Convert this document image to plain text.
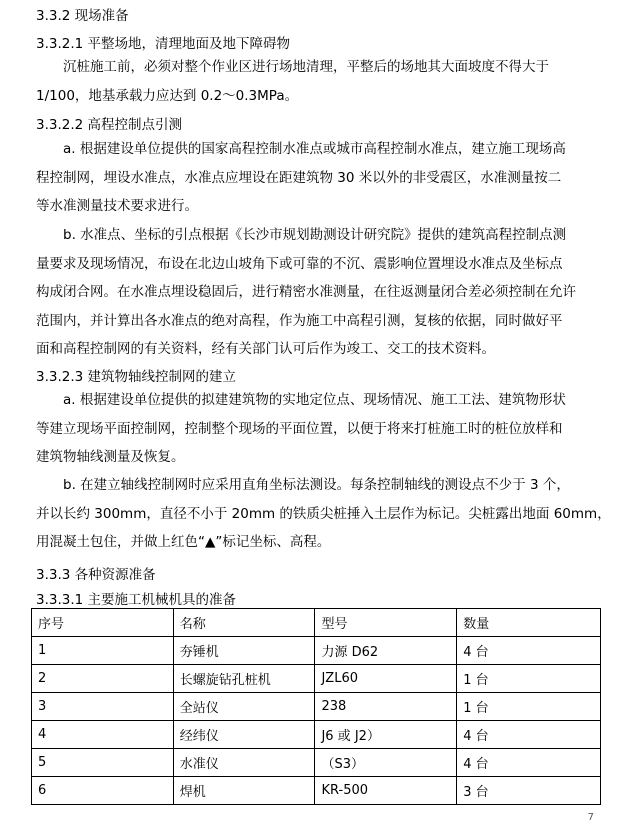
3.3.2 现场准备
3.3.2.1 平整场地，清理地面及地下障碍物
沉桩施工前，必须对整个作业区进行场地清理，平整后的场地其大面坡度不得大于
1/100，地基承载力应达到 0.2～0.3MPa。
3.3.2.2 高程控制点引测
a. 根据建设单位提供的国家高程控制水准点或城市高程控制水准点，建立施工现场高
程控制网，埋设水准点，水准点应埋设在距建筑物 30 米以外的非受震区，水准测量按二
等水准测量技术要求进行。
b. 水准点、坐标的引点根据《长沙市规划勘测设计研究院》提供的建筑高程控制点测
量要求及现场情况，布设在北边山坡角下或可靠的不沉、震影响位置埋设水准点及坐标点
构成闭合网。在水准点埋设稳固后，进行精密水准测量，在往返测量闭合差必须控制在允许
范围内，并计算出各水准点的绝对高程，作为施工中高程引测，复核的依据，同时做好平
面和高程控制网的有关资料，经有关部门认可后作为竣工、交工的技术资料。
3.3.2.3 建筑物轴线控制网的建立
a. 根据建设单位提供的拟建建筑物的实地定位点、现场情况、施工工法、建筑物形状
等建立现场平面控制网，控制整个现场的平面位置，以便于将来打桩施工时的桩位放样和
建筑物轴线测量及恢复。
b. 在建立轴线控制网时应采用直角坐标法测设。每条控制轴线的测设点不少于 3 个，
并以长约 300mm，直径不小于 20mm 的铁质尖桩捶入土层作为标记。尖桩露出地面 60mm，
用混凝土包住，并做上红色“▲”标记坐标、高程。
3.3.3 各种资源准备
3.3.3.1 主要施工机械机具的准备
序号	名称	型号	数量
1	夯锤机	力源 D62	4 台
2	长螺旋钻孔桩机	JZL60	1 台
3	全站仪	238	1 台
4	经纬仪	J6 或 J2）	4 台
5	水准仪	（S3）	4 台
6	焊机	KR-500	3 台
7
